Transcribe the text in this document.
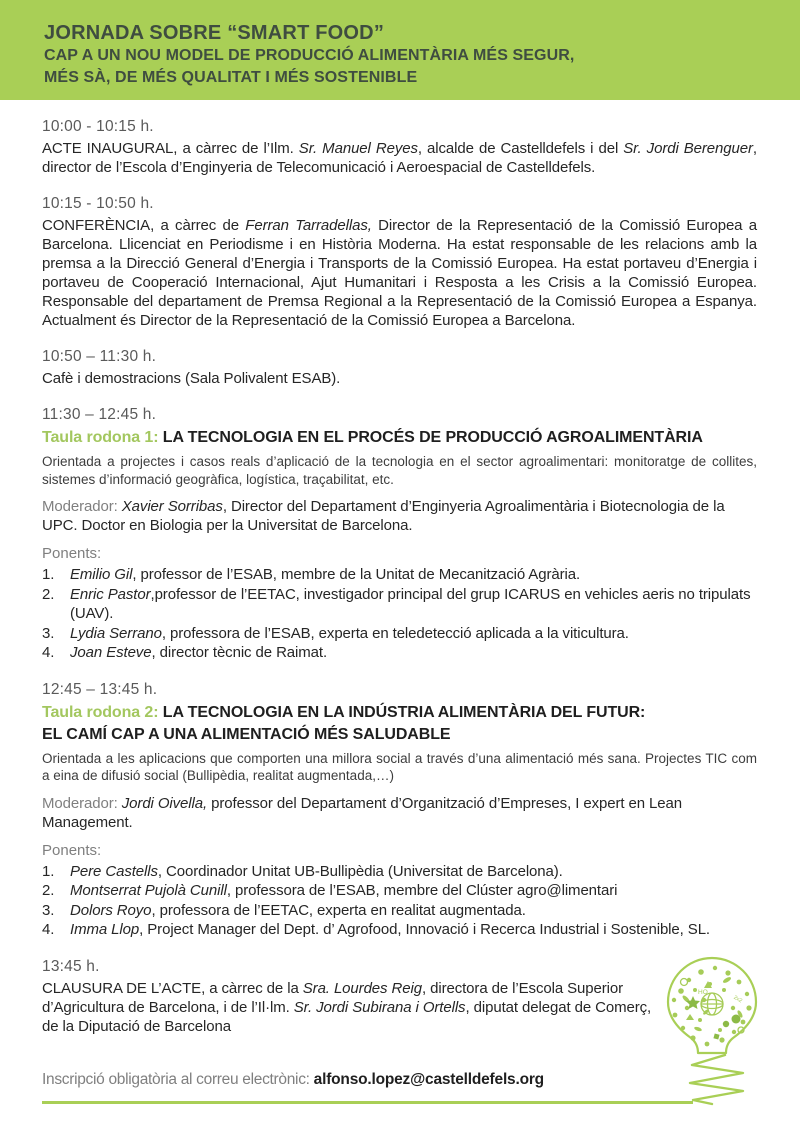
JORNADA SOBRE “SMART FOOD”
CAP A UN NOU MODEL DE PRODUCCIÓ ALIMENTÀRIA MÉS SEGUR,
MÉS SÀ, DE MÉS QUALITAT I MÉS SOSTENIBLE
10:00 - 10:15 h.

ACTE INAUGURAL, a càrrec de l’Ilm. Sr. Manuel Reyes, alcalde de Castelldefels i del Sr. Jordi Berenguer, director de l’Escola d’Enginyeria de Telecomunicació i Aeroespacial de Castelldefels.

10:15 - 10:50 h.

CONFERÈNCIA, a càrrec de Ferran Tarradellas, Director de la Representació de la Comissió Europea a Barcelona. Llicenciat en Periodisme i en Història Moderna. Ha estat responsable de les relacions amb la premsa a la Direcció General d’Energia i Transports de la Comissió Europea. Ha estat portaveu d’Energia i portaveu de Cooperació Internacional, Ajut Humanitari i Resposta a les Crisis a la Comissió Europea. Responsable del departament de Premsa Regional a la Representació de la Comissió Europea a Espanya. Actualment és Director de la Representació de la Comissió Europea a Barcelona.

10:50 – 11:30 h.

Cafè i demostracions (Sala Polivalent ESAB).

11:30 – 12:45 h.
Taula rodona 1: LA TECNOLOGIA EN EL PROCÉS DE PRODUCCIÓ AGROALIMENTÀRIA

Orientada a projectes i casos reals d’aplicació de la tecnologia en el sector agroalimentari: monitoratge de collites, sistemes d’informació geogràfica, logística, traçabilitat, etc.

Moderador: Xavier Sorribas, Director del Departament d’Enginyeria Agroalimentària i Biotecnologia de la UPC. Doctor en Biologia per la Universitat de Barcelona.

Ponents:
1.	Emilio Gil, professor de l’ESAB, membre de la Unitat de Mecanització Agrària.
2.	Enric Pastor,professor de l’EETAC, investigador principal del grup ICARUS en vehicles aeris no tripulats (UAV).
3.	Lydia Serrano, professora de l’ESAB, experta en teledetecció aplicada a la viticultura.
4.	Joan Esteve, director tècnic de Raimat.
12:45 – 13:45 h.
Taula rodona 2: LA TECNOLOGIA EN LA INDÚSTRIA ALIMENTÀRIA DEL FUTUR:
EL CAMÍ CAP A UNA ALIMENTACIÓ MÉS SALUDABLE

Orientada a les aplicacions que comporten una millora social a través d’una alimentació més sana. Projectes TIC com a eina de difusió social (Bullipèdia, realitat augmentada,…)

Moderador: Jordi Oivella, professor del Departament d’Organització d’Empreses, I expert en Lean Management.

Ponents:
1.	Pere Castells, Coordinador Unitat UB-Bullipèdia (Universitat de Barcelona).
2.	Montserrat Pujolà Cunill, professora de l’ESAB, membre del Clúster agro@limentari
3.	Dolors Royo, professora de l’EETAC, experta en realitat augmentada.
4.	Imma Llop, Project Manager del Dept. d’ Agrofood, Innovació i Recerca Industrial i Sostenible, SL.
13:45 h.

CLAUSURA DE L’ACTE, a càrrec de la Sra. Lourdes Reig, directora de l’Escola Superior d’Agricultura de Barcelona, i de l’Il·lm. Sr. Jordi Subirana i Ortells, diputat delegat de Comerç, de la Diputació de Barcelona

Inscripció obligatòria al correu electrònic: alfonso.lopez@castelldefels.org
HO
2x2
